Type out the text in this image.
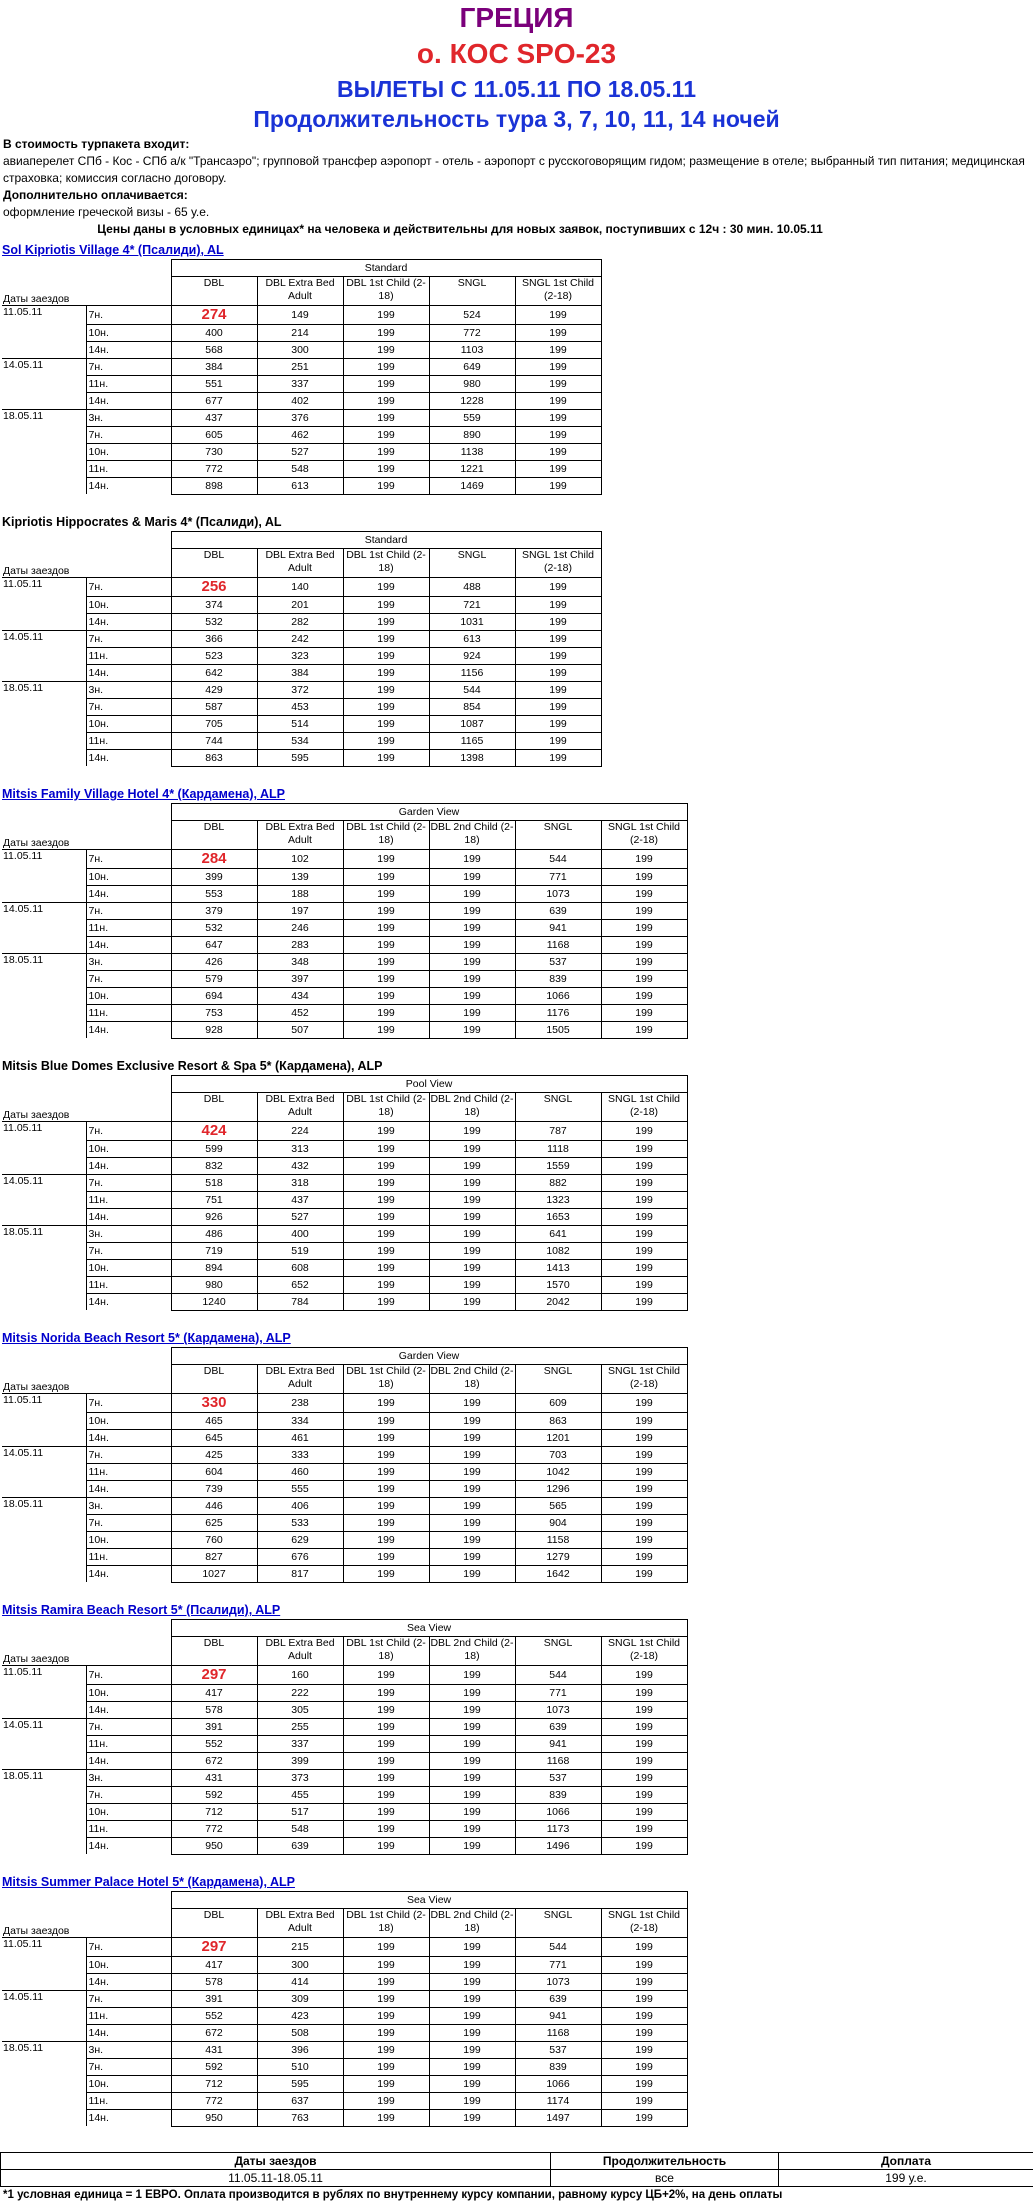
ГРЕЦИЯ
о. КОС SPO-23
ВЫЛЕТЫ С 11.05.11 ПО 18.05.11
Продолжительность тура 3, 7, 10, 11, 14 ночей
В стоимость турпакета входит:
авиаперелет СПб - Кос - СПб а/к "Трансаэро"; групповой трансфер аэропорт - отель - аэропорт с русскоговорящим гидом; размещение в отеле; выбранный тип питания; медицинская страховка; комиссия согласно договору.
Дополнительно оплачивается:
оформление греческой визы - 65 у.е.
Цены даны в условных единицах* на человека и действительны для новых заявок, поступивших с 12ч : 30 мин. 10.05.11
Sol Kipriotis Village 4* (Псалиди), AL
		Standard				
Даты заездов		DBL	DBL Extra Bed Adult	DBL 1st Child (2-18)	SNGL	SNGL 1st Child (2-18)
11.05.11	7н.	274	149	199	524	199
	10н.	400	214	199	772	199
	14н.	568	300	199	1103	199
14.05.11	7н.	384	251	199	649	199
	11н.	551	337	199	980	199
	14н.	677	402	199	1228	199
18.05.11	3н.	437	376	199	559	199
	7н.	605	462	199	890	199
	10н.	730	527	199	1138	199
	11н.	772	548	199	1221	199
	14н.	898	613	199	1469	199
Kipriotis Hippocrates & Maris 4* (Псалиди), AL
		Standard				
Даты заездов		DBL	DBL Extra Bed Adult	DBL 1st Child (2-18)	SNGL	SNGL 1st Child (2-18)
11.05.11	7н.	256	140	199	488	199
	10н.	374	201	199	721	199
	14н.	532	282	199	1031	199
14.05.11	7н.	366	242	199	613	199
	11н.	523	323	199	924	199
	14н.	642	384	199	1156	199
18.05.11	3н.	429	372	199	544	199
	7н.	587	453	199	854	199
	10н.	705	514	199	1087	199
	11н.	744	534	199	1165	199
	14н.	863	595	199	1398	199
Mitsis Family Village Hotel 4* (Кардамена), ALP
		Garden View					
Даты заездов		DBL	DBL Extra Bed Adult	DBL 1st Child (2-18)	DBL 2nd Child (2-18)	SNGL	SNGL 1st Child (2-18)
11.05.11	7н.	284	102	199	199	544	199
	10н.	399	139	199	199	771	199
	14н.	553	188	199	199	1073	199
14.05.11	7н.	379	197	199	199	639	199
	11н.	532	246	199	199	941	199
	14н.	647	283	199	199	1168	199
18.05.11	3н.	426	348	199	199	537	199
	7н.	579	397	199	199	839	199
	10н.	694	434	199	199	1066	199
	11н.	753	452	199	199	1176	199
	14н.	928	507	199	199	1505	199
Mitsis Blue Domes Exclusive Resort & Spa 5* (Кардамена), ALP
		Pool View					
Даты заездов		DBL	DBL Extra Bed Adult	DBL 1st Child (2-18)	DBL 2nd Child (2-18)	SNGL	SNGL 1st Child (2-18)
11.05.11	7н.	424	224	199	199	787	199
	10н.	599	313	199	199	1118	199
	14н.	832	432	199	199	1559	199
14.05.11	7н.	518	318	199	199	882	199
	11н.	751	437	199	199	1323	199
	14н.	926	527	199	199	1653	199
18.05.11	3н.	486	400	199	199	641	199
	7н.	719	519	199	199	1082	199
	10н.	894	608	199	199	1413	199
	11н.	980	652	199	199	1570	199
	14н.	1240	784	199	199	2042	199
Mitsis Norida Beach Resort 5* (Кардамена), ALP
		Garden View					
Даты заездов		DBL	DBL Extra Bed Adult	DBL 1st Child (2-18)	DBL 2nd Child (2-18)	SNGL	SNGL 1st Child (2-18)
11.05.11	7н.	330	238	199	199	609	199
	10н.	465	334	199	199	863	199
	14н.	645	461	199	199	1201	199
14.05.11	7н.	425	333	199	199	703	199
	11н.	604	460	199	199	1042	199
	14н.	739	555	199	199	1296	199
18.05.11	3н.	446	406	199	199	565	199
	7н.	625	533	199	199	904	199
	10н.	760	629	199	199	1158	199
	11н.	827	676	199	199	1279	199
	14н.	1027	817	199	199	1642	199
Mitsis Ramira Beach Resort 5* (Псалиди), ALP
		Sea View					
Даты заездов		DBL	DBL Extra Bed Adult	DBL 1st Child (2-18)	DBL 2nd Child (2-18)	SNGL	SNGL 1st Child (2-18)
11.05.11	7н.	297	160	199	199	544	199
	10н.	417	222	199	199	771	199
	14н.	578	305	199	199	1073	199
14.05.11	7н.	391	255	199	199	639	199
	11н.	552	337	199	199	941	199
	14н.	672	399	199	199	1168	199
18.05.11	3н.	431	373	199	199	537	199
	7н.	592	455	199	199	839	199
	10н.	712	517	199	199	1066	199
	11н.	772	548	199	199	1173	199
	14н.	950	639	199	199	1496	199
Mitsis Summer Palace Hotel 5* (Кардамена), ALP
		Sea View					
Даты заездов		DBL	DBL Extra Bed Adult	DBL 1st Child (2-18)	DBL 2nd Child (2-18)	SNGL	SNGL 1st Child (2-18)
11.05.11	7н.	297	215	199	199	544	199
	10н.	417	300	199	199	771	199
	14н.	578	414	199	199	1073	199
14.05.11	7н.	391	309	199	199	639	199
	11н.	552	423	199	199	941	199
	14н.	672	508	199	199	1168	199
18.05.11	3н.	431	396	199	199	537	199
	7н.	592	510	199	199	839	199
	10н.	712	595	199	199	1066	199
	11н.	772	637	199	199	1174	199
	14н.	950	763	199	199	1497	199
Даты заездов	Продолжительность	Доплата
11.05.11-18.05.11	все	199 у.е.
*1 условная единица = 1 ЕВРО. Оплата производится в рублях по внутреннему курсу компании, равному курсу ЦБ+2%, на день оплаты
